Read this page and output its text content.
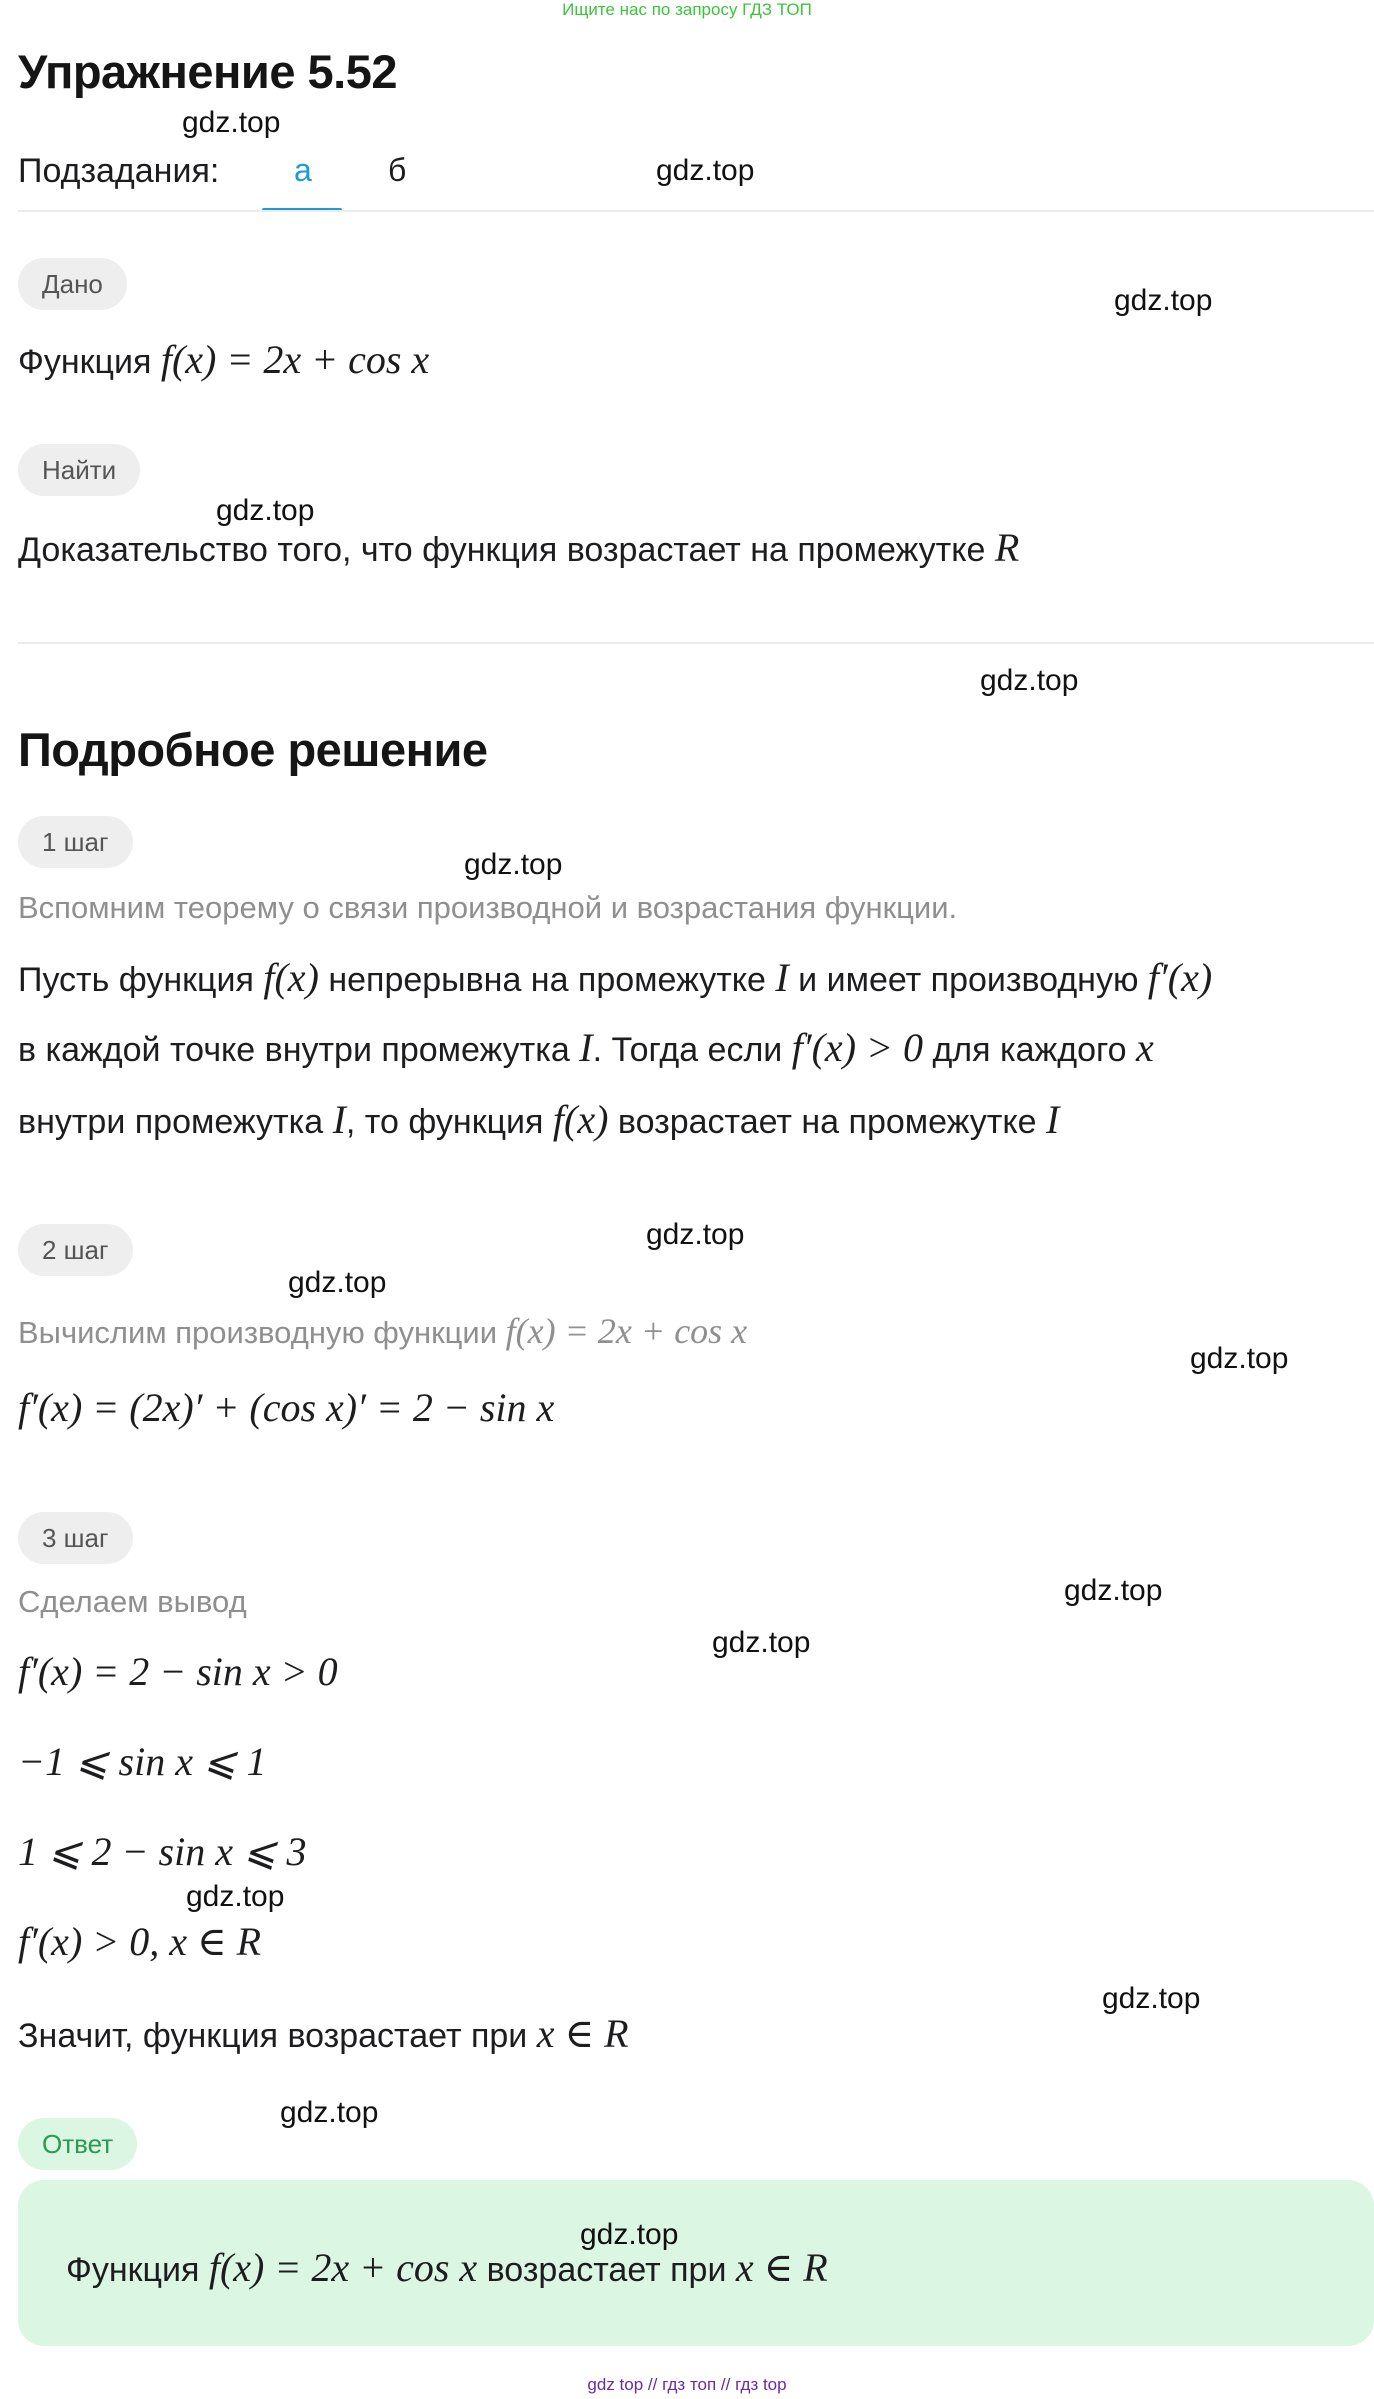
Ищите нас по запросу ГДЗ ТОП
Упражнение 5.52
gdz.top
Подзадания: а б	gdz.top
Дано	gdz.top
Функция f(x) = 2x + cos x
Найти
gdz.top
Доказательство того, что функция возрастает на промежутке R
gdz.top
Подробное решение
1 шаг
gdz.top
Вспомним теорему о связи производной и возрастания функции.
Пусть функция f(x) непрерывна на промежутке I и имеет производную f′(x)
в каждой точке внутри промежутка I. Тогда если f′(x) > 0 для каждого x
внутри промежутка I, то функция f(x) возрастает на промежутке I
gdz.top
2 шаг
gdz.top
Вычислим производную функции f(x) = 2x + cos x
gdz.top
f′(x) = (2x)′ + (cos x)′ = 2 − sin x
3 шаг
gdz.top
Сделаем вывод
gdz.top
f′(x) = 2 − sin x > 0
−1 ⩽ sin x ⩽ 1
1 ⩽ 2 − sin x ⩽ 3
gdz.top
f′(x) > 0, x ∈ R
gdz.top
Значит, функция возрастает при x ∈ R
gdz.top
Ответ
gdz.top
Функция f(x) = 2x + cos x возрастает при x ∈ R
gdz top // гдз топ // гдз top
